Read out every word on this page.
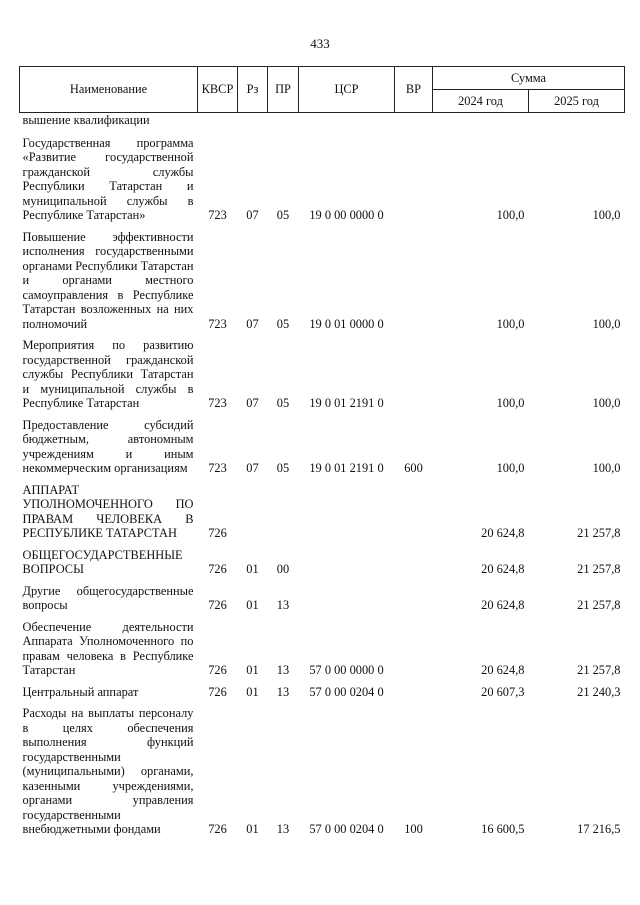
433
Наименование	КВСР	Рз	ПР	ЦСР	ВР	Сумма	
						2024 год	2025 год
вышение квалификации							
Государственная программа «Развитие государственной гражданской службы Республики Татарстан и муниципальной службы в Республике Татарстан»	723	07	05	19 0 00 0000 0		100,0	100,0
Повышение эффективности исполнения государственными органами Республики Татарстан и органами местного самоуправления в Республике Татарстан возложенных на них полномочий	723	07	05	19 0 01 0000 0		100,0	100,0
Мероприятия по развитию государственной гражданской службы Республики Татарстан и муниципальной службы в Республике Татарстан	723	07	05	19 0 01 2191 0		100,0	100,0
Предоставление субсидий бюджетным, автономным учреждениям и иным некоммерческим организациям	723	07	05	19 0 01 2191 0	600	100,0	100,0
АППАРАТ УПОЛНОМОЧЕННОГО ПО ПРАВАМ ЧЕЛОВЕКА В РЕСПУБЛИКЕ ТАТАРСТАН	726					20 624,8	21 257,8
ОБЩЕГОСУДАРСТВЕННЫЕ ВОПРОСЫ	726	01	00			20 624,8	21 257,8
Другие общегосударственные вопросы	726	01	13			20 624,8	21 257,8
Обеспечение деятельности Аппарата Уполномоченного по правам человека в Республике Татарстан	726	01	13	57 0 00 0000 0		20 624,8	21 257,8
Центральный аппарат	726	01	13	57 0 00 0204 0		20 607,3	21 240,3
Расходы на выплаты персоналу в целях обеспечения выполнения функций государственными (муниципальными) органами, казенными учреждениями, органами управления государственными внебюджетными фондами	726	01	13	57 0 00 0204 0	100	16 600,5	17 216,5
